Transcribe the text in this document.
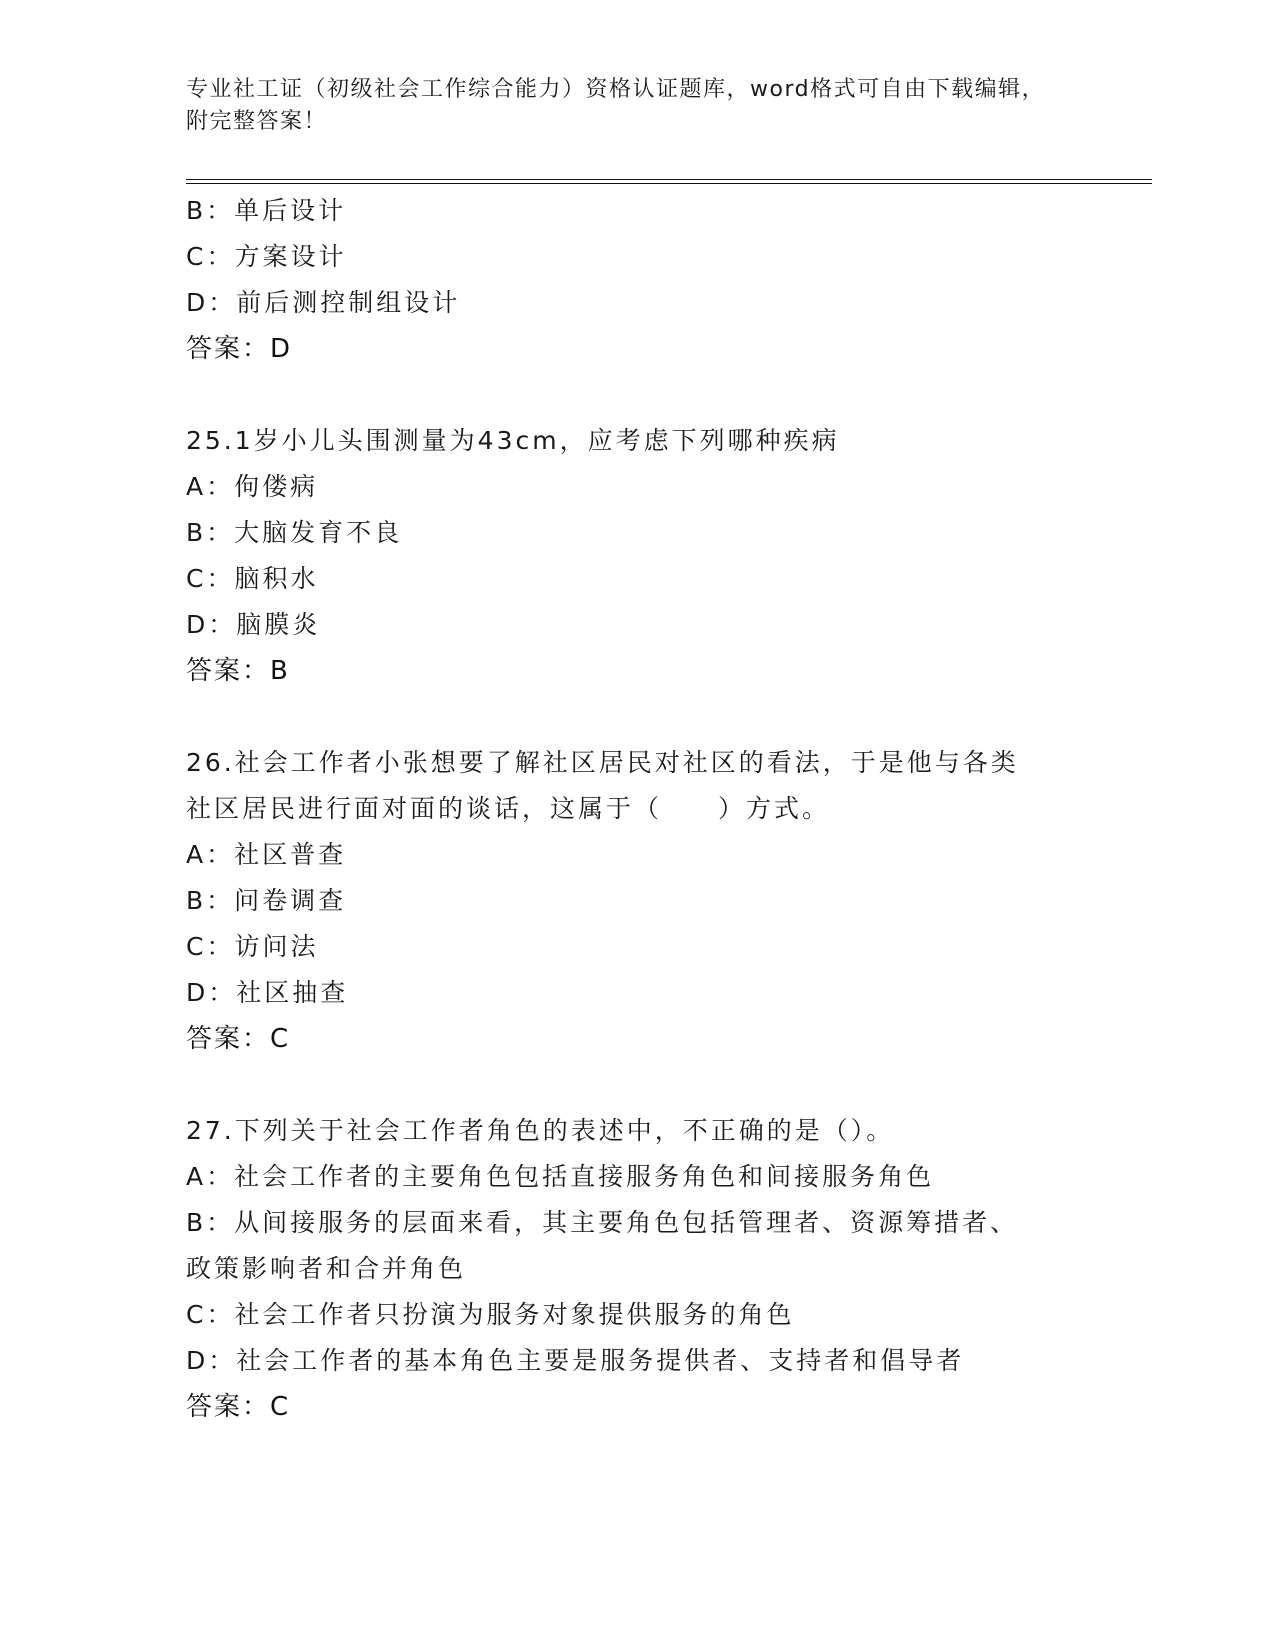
专业社工证（初级社会工作综合能力）资格认证题库，word格式可自由下载编辑，附完整答案！
B：单后设计
C：方案设计
D：前后测控制组设计
答案：D
25.1岁小儿头围测量为43cm，应考虑下列哪种疾病
A：佝偻病
B：大脑发育不良
C：脑积水
D：脑膜炎
答案：B
26.社会工作者小张想要了解社区居民对社区的看法，于是他与各类社区居民进行面对面的谈话，这属于（　　）方式。
A：社区普查
B：问卷调查
C：访问法
D：社区抽查
答案：C
27.下列关于社会工作者角色的表述中，不正确的是（）。
A：社会工作者的主要角色包括直接服务角色和间接服务角色
B：从间接服务的层面来看，其主要角色包括管理者、资源筹措者、政策影响者和合并角色
C：社会工作者只扮演为服务对象提供服务的角色
D：社会工作者的基本角色主要是服务提供者、支持者和倡导者
答案：C
